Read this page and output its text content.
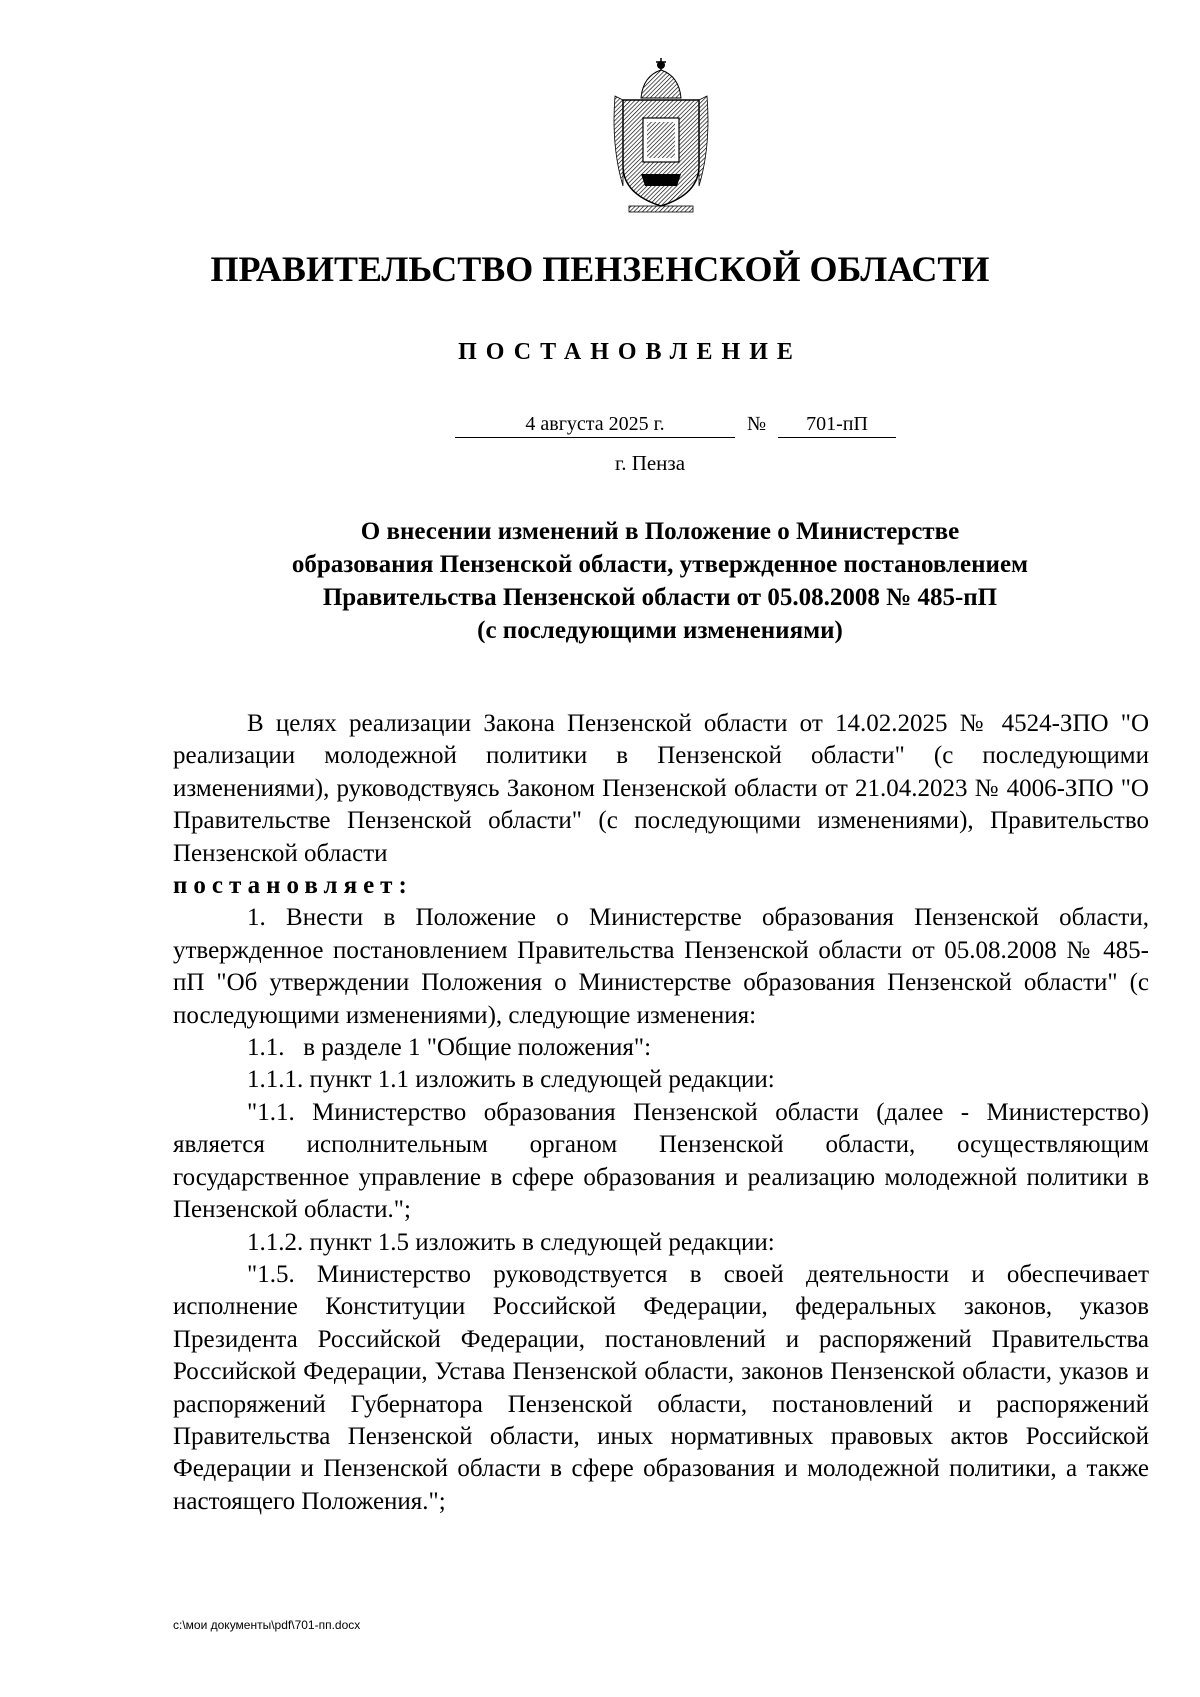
ПРАВИТЕЛЬСТВО ПЕНЗЕНСКОЙ ОБЛАСТИ
ПОСТАНОВЛЕНИЕ
4 августа 2025 г.	№	701-пП
г. Пенза
О внесении изменений в Положение о Министерстве
образования Пензенской области, утвержденное постановлением
Правительства Пензенской области от 05.08.2008 № 485-пП
(с последующими изменениями)

В целях реализации Закона Пензенской области от 14.02.2025 № 4524-ЗПО "О реализации молодежной политики в Пензенской области" (с последующими изменениями), руководствуясь Законом Пензенской области от 21.04.2023 № 4006-ЗПО "О Правительстве Пензенской области" (с последующими изменениями), Правительство Пензенской области

постановляет:

1. Внести в Положение о Министерстве образования Пензенской области, утвержденное постановлением Правительства Пензенской области от 05.08.2008 № 485-пП "Об утверждении Положения о Министерстве образования Пензенской области" (с последующими изменениями), следующие изменения:

1.1.   в разделе 1 "Общие положения":

1.1.1. пункт 1.1 изложить в следующей редакции:

"1.1. Министерство образования Пензенской области (далее - Министерство) является исполнительным органом Пензенской области, осуществляющим государственное управление в сфере образования и реализацию молодежной политики в Пензенской области.";

1.1.2. пункт 1.5 изложить в следующей редакции:

"1.5. Министерство руководствуется в своей деятельности и обеспечивает исполнение Конституции Российской Федерации, федеральных законов, указов Президента Российской Федерации, постановлений и распоряжений Правительства Российской Федерации, Устава Пензенской области, законов Пензенской области, указов и распоряжений Губернатора Пензенской области, постановлений и распоряжений Правительства Пензенской области, иных нормативных правовых актов Российской Федерации и Пензенской области в сфере образования и молодежной политики, а также настоящего Положения.";

c:\мои документы\pdf\701-пп.docx
